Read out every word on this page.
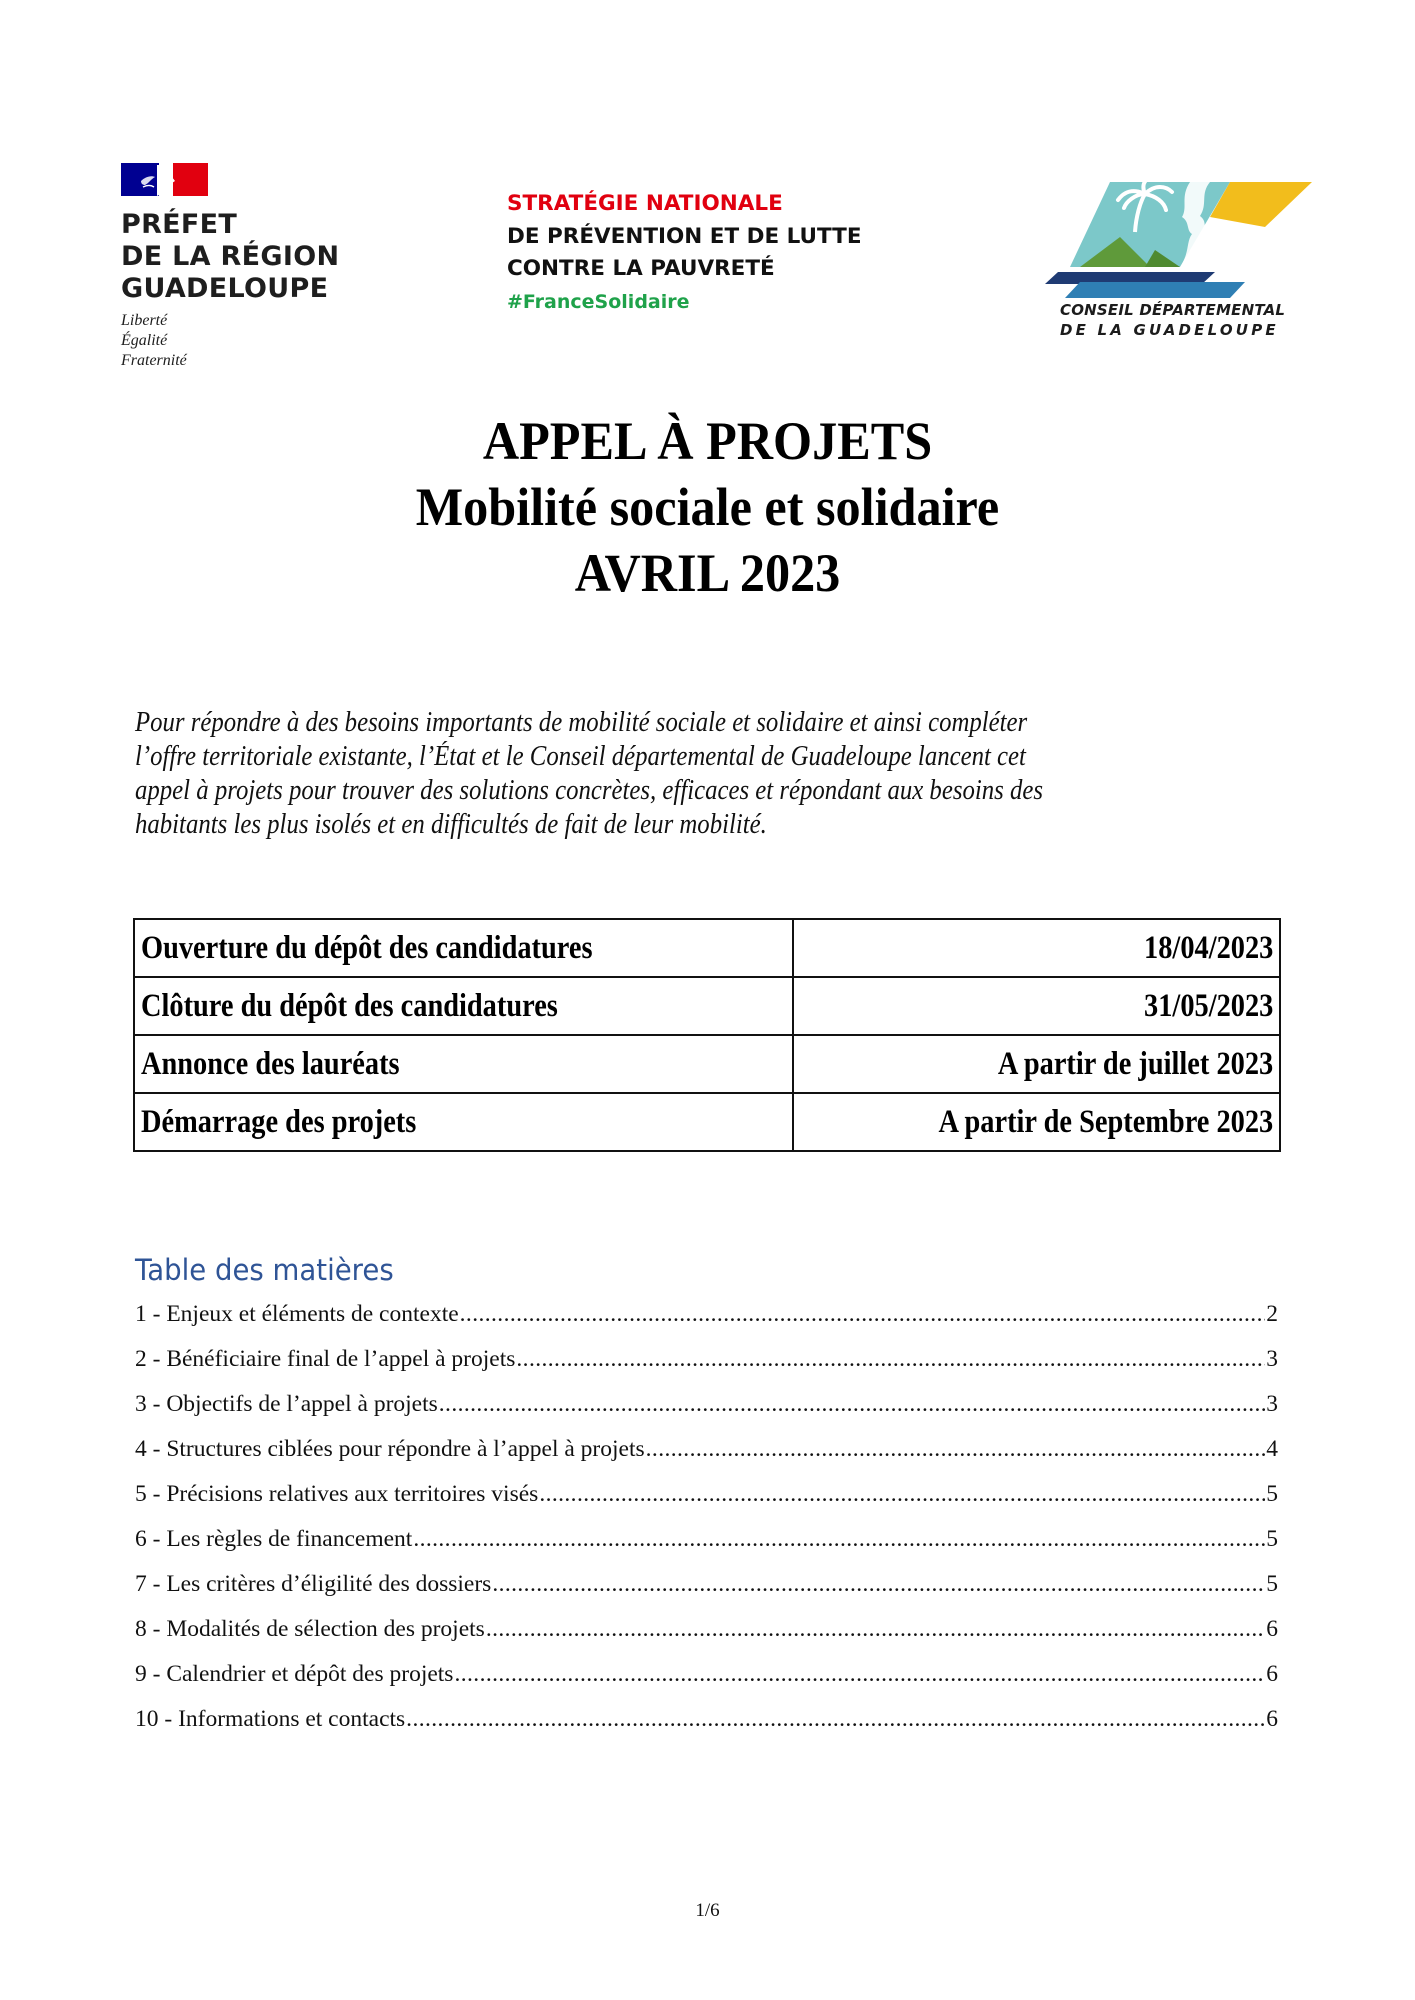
PRÉFET
DE LA RÉGION
GUADELOUPE
Liberté
Égalité
Fraternité
STRATÉGIE NATIONALE
DE PRÉVENTION ET DE LUTTE
CONTRE LA PAUVRETÉ
#FranceSolidaire	CONSEIL DÉPARTEMENTAL
DE LA GUADELOUPE
APPEL À PROJETS
Mobilité sociale et solidaire
AVRIL 2023
Pour répondre à des besoins importants de mobilité sociale et solidaire et ainsi compléter
l’offre territoriale existante, l’État et le Conseil départemental de Guadeloupe lancent cet
appel à projets pour trouver des solutions concrètes, efficaces et répondant aux besoins des
habitants les plus isolés et en difficultés de fait de leur mobilité.
Ouverture du dépôt des candidatures	18/04/2023
Clôture du dépôt des candidatures	31/05/2023
Annonce des lauréats	A partir de juillet 2023
Démarrage des projets	A partir de Septembre 2023
Table des matières
1 - Enjeux et éléments de contexte .....	2
2 - Bénéficiaire final de l’appel à projets .....	3
3 - Objectifs de l’appel à projets .....	3
4 - Structures ciblées pour répondre à l’appel à projets .....	4
5 - Précisions relatives aux territoires visés .....	5
6 - Les règles de financement .....	5
7 - Les critères d’éligilité des dossiers .....	5
8 - Modalités de sélection des projets .....	6
9 - Calendrier et dépôt des projets .....	6
10 - Informations et contacts .....	6
1/6
